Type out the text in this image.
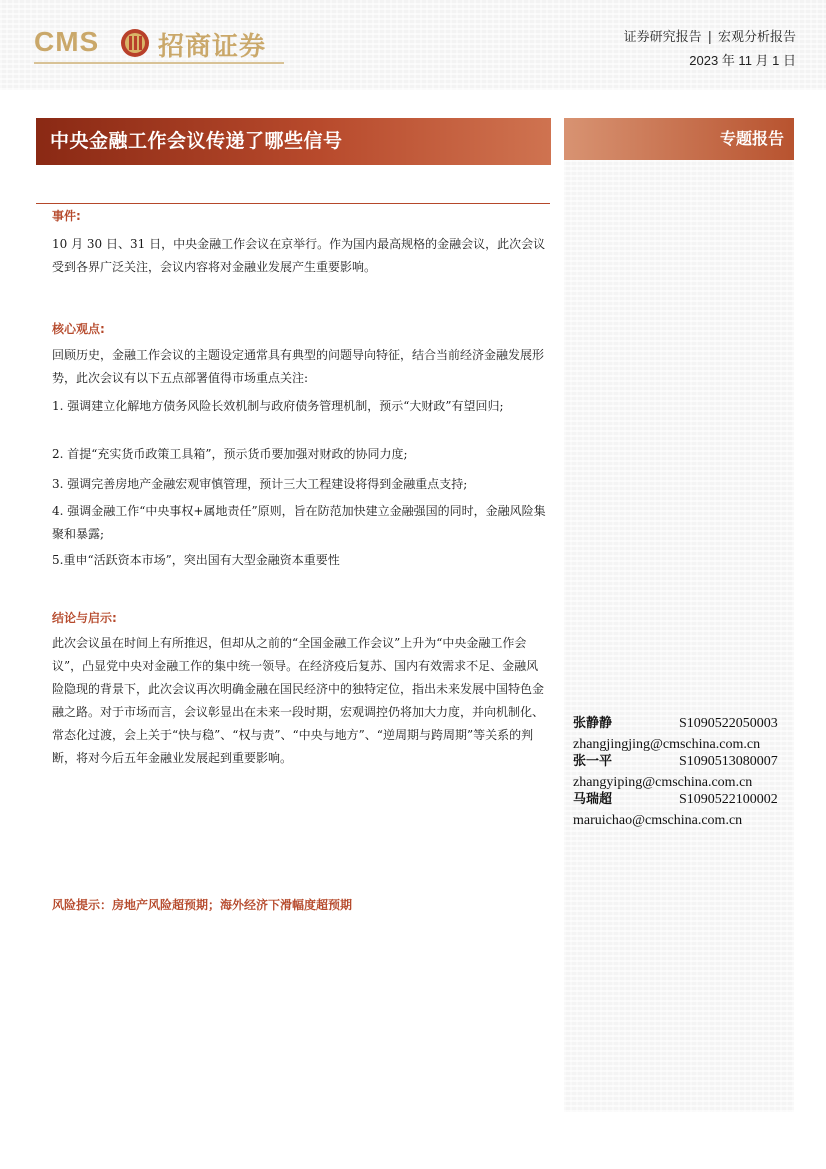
CMS 招商证券	证券研究报告 | 宏观分析报告
2023 年 11 月 1 日
中央金融工作会议传递了哪些信号	专题报告
事件:
10 月 30 日、31 日，中央金融工作会议在京举行。作为国内最高规格的金融会议，此次会议受到各界广泛关注，会议内容将对金融业发展产生重要影响。
核心观点:
回顾历史，金融工作会议的主题设定通常具有典型的问题导向特征，结合当前经济金融发展形势，此次会议有以下五点部署值得市场重点关注:
1. 强调建立化解地方债务风险长效机制与政府债务管理机制，预示“大财政”有望回归;
2. 首提“充实货币政策工具箱”，预示货币要加强对财政的协同力度;
3. 强调完善房地产金融宏观审慎管理，预计三大工程建设将得到金融重点支持;
4. 强调金融工作“中央事权+属地责任”原则，旨在防范加快建立金融强国的同时，金融风险集聚和暴露;
5.重申“活跃资本市场”，突出国有大型金融资本重要性
结论与启示:
此次会议虽在时间上有所推迟，但却从之前的“全国金融工作会议”上升为“中央金融工作会议”，凸显党中央对金融工作的集中统一领导。在经济疫后复苏、国内有效需求不足、金融风险隐现的背景下，此次会议再次明确金融在国民经济中的独特定位，指出未来发展中国特色金融之路。对于市场而言，会议彰显出在未来一段时期，宏观调控仍将加大力度，并向机制化、常态化过渡，会上关于“快与稳”、“权与责”、“中央与地方”、“逆周期与跨周期”等关系的判断，将对今后五年金融业发展起到重要影响。
风险提示：房地产风险超预期；海外经济下滑幅度超预期
张静静	S1090522050003
zhangjingjing@cmschina.com.cn
张一平	S1090513080007
zhangyiping@cmschina.com.cn
马瑞超	S1090522100002
maruichao@cmschina.com.cn
